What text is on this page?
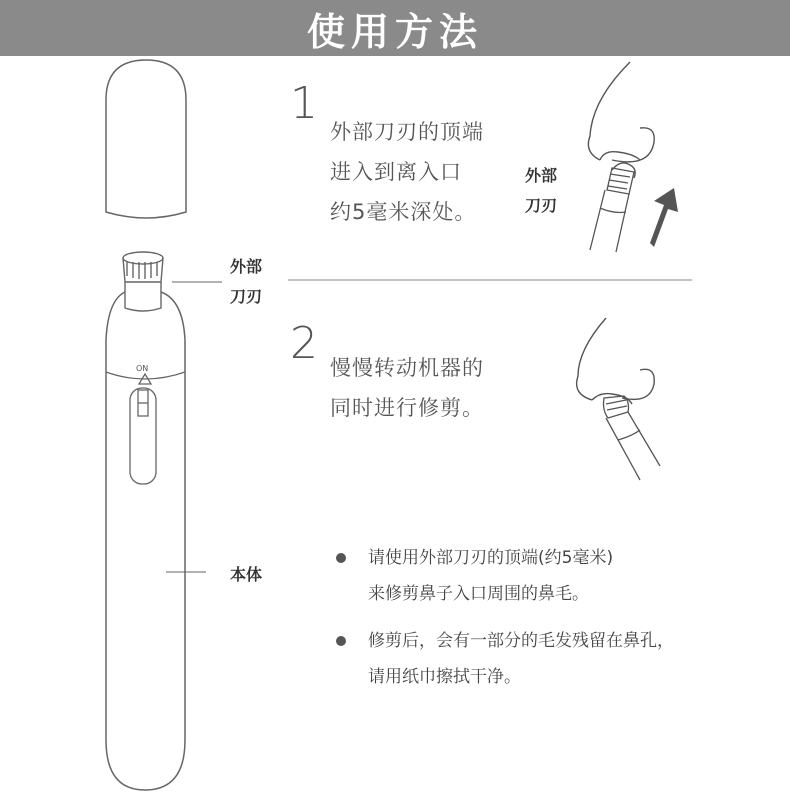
使用方法
ON
外部
刀刃
本体
外部
刀刃
1
外部刀刃的顶端
进入到离入口
约5毫米深处。
2 慢慢转动机器的
同时进行修剪。
请使用外部刀刃的顶端(约5毫米)
来修剪鼻子入口周围的鼻毛。
修剪后，会有一部分的毛发残留在鼻孔，
请用纸巾擦拭干净。
